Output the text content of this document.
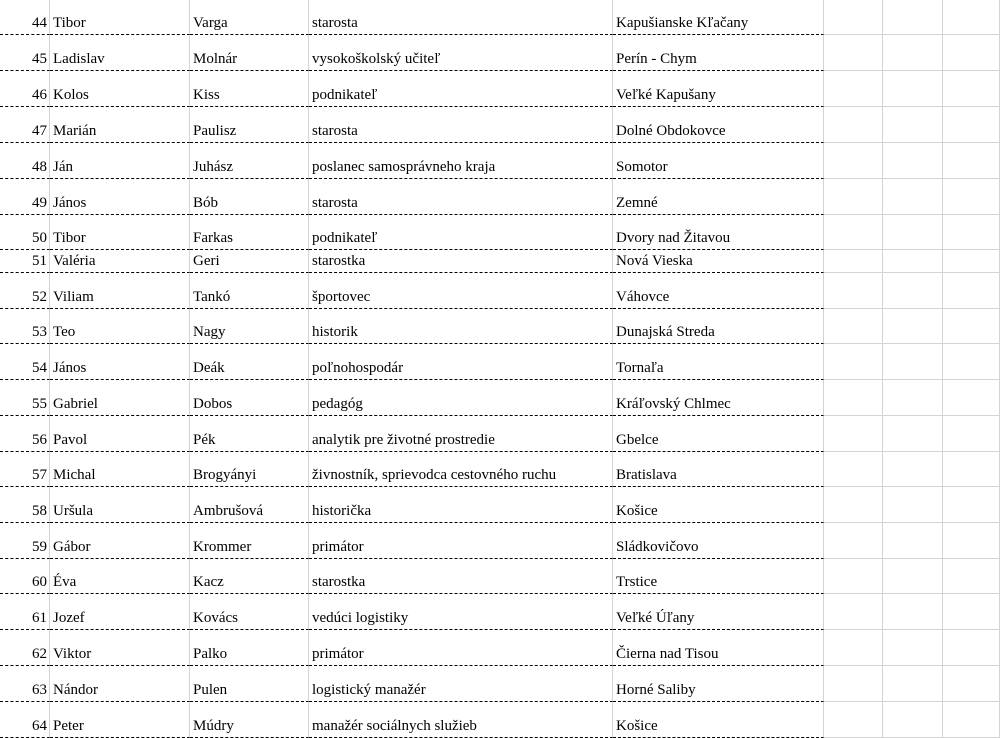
44 Tibor	Varga	starosta	Kapušianske Kľačany
45 Ladislav	Molnár	vysokoškolský učiteľ	Perín - Chym
46 Kolos	Kiss	podnikateľ	Veľké Kapušany
47 Marián	Paulisz	starosta	Dolné Obdokovce
48 Ján	Juhász	poslanec samosprávneho kraja	Somotor
49 János	Bób	starosta	Zemné
50 Tibor	Farkas	podnikateľ	Dvory nad Žitavou
51 Valéria	Geri	starostka	Nová Vieska
52 Viliam	Tankó	športovec	Váhovce
53 Teo	Nagy	historik	Dunajská Streda
54 János	Deák	poľnohospodár	Tornaľa
55 Gabriel	Dobos	pedagóg	Kráľovský Chlmec
56 Pavol	Pék	analytik pre životné prostredie	Gbelce
57 Michal	Brogyányi	živnostník, sprievodca cestovného ruchu	Bratislava
58 Uršula	Ambrušová	historička	Košice
59 Gábor	Krommer	primátor	Sládkovičovo
60 Éva	Kacz	starostka	Trstice
61 Jozef	Kovács	vedúci logistiky	Veľké Úľany
62 Viktor	Palko	primátor	Čierna nad Tisou
63 Nándor	Pulen	logistický manažér	Horné Saliby
64 Peter	Múdry	manažér sociálnych služieb	Košice
